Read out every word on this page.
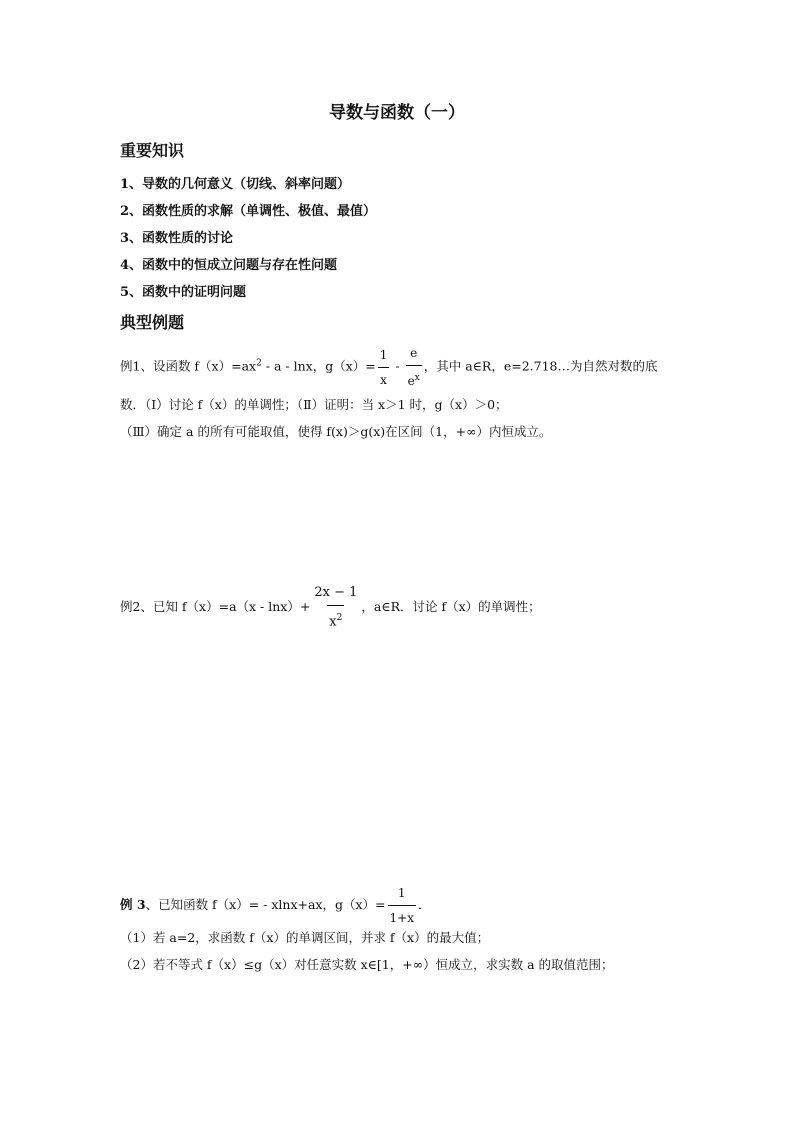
导数与函数（一）
重要知识
1、导数的几何意义（切线、斜率问题）
2、函数性质的求解（单调性、极值、最值）
3、函数性质的讨论
4、函数中的恒成立问题与存在性问题
5、函数中的证明问题
典型例题
例1、设函数 $f(x)=ax^2 - a - \ln x$，$g(x)= \frac{1}{x} - \frac{e}{e^x}$ ，其中 a∈R，e=2.718…为自然对数的底
数．（Ⅰ）讨论 f（x）的单调性；（Ⅱ）证明：当 x＞1 时，g（x）＞0；
（Ⅲ）确定 a 的所有可能取值，使得 f(x)＞g(x)在区间（1，+∞）内恒成立。
例2、已知 $f(x)=a(x - \ln x)+ \frac{2x - 1}{x^2}$ ，a∈R．讨论 f（x）的单调性；
例 3、已知函数 f（x）= - xlnx+ax，$g(x)= \frac{1}{1+x}$ ．
（1）若 a=2，求函数 f（x）的单调区间，并求 f（x）的最大值；
（2）若不等式 f（x）≤g（x）对任意实数 x∈[1，+∞）恒成立，求实数 a 的取值范围；
